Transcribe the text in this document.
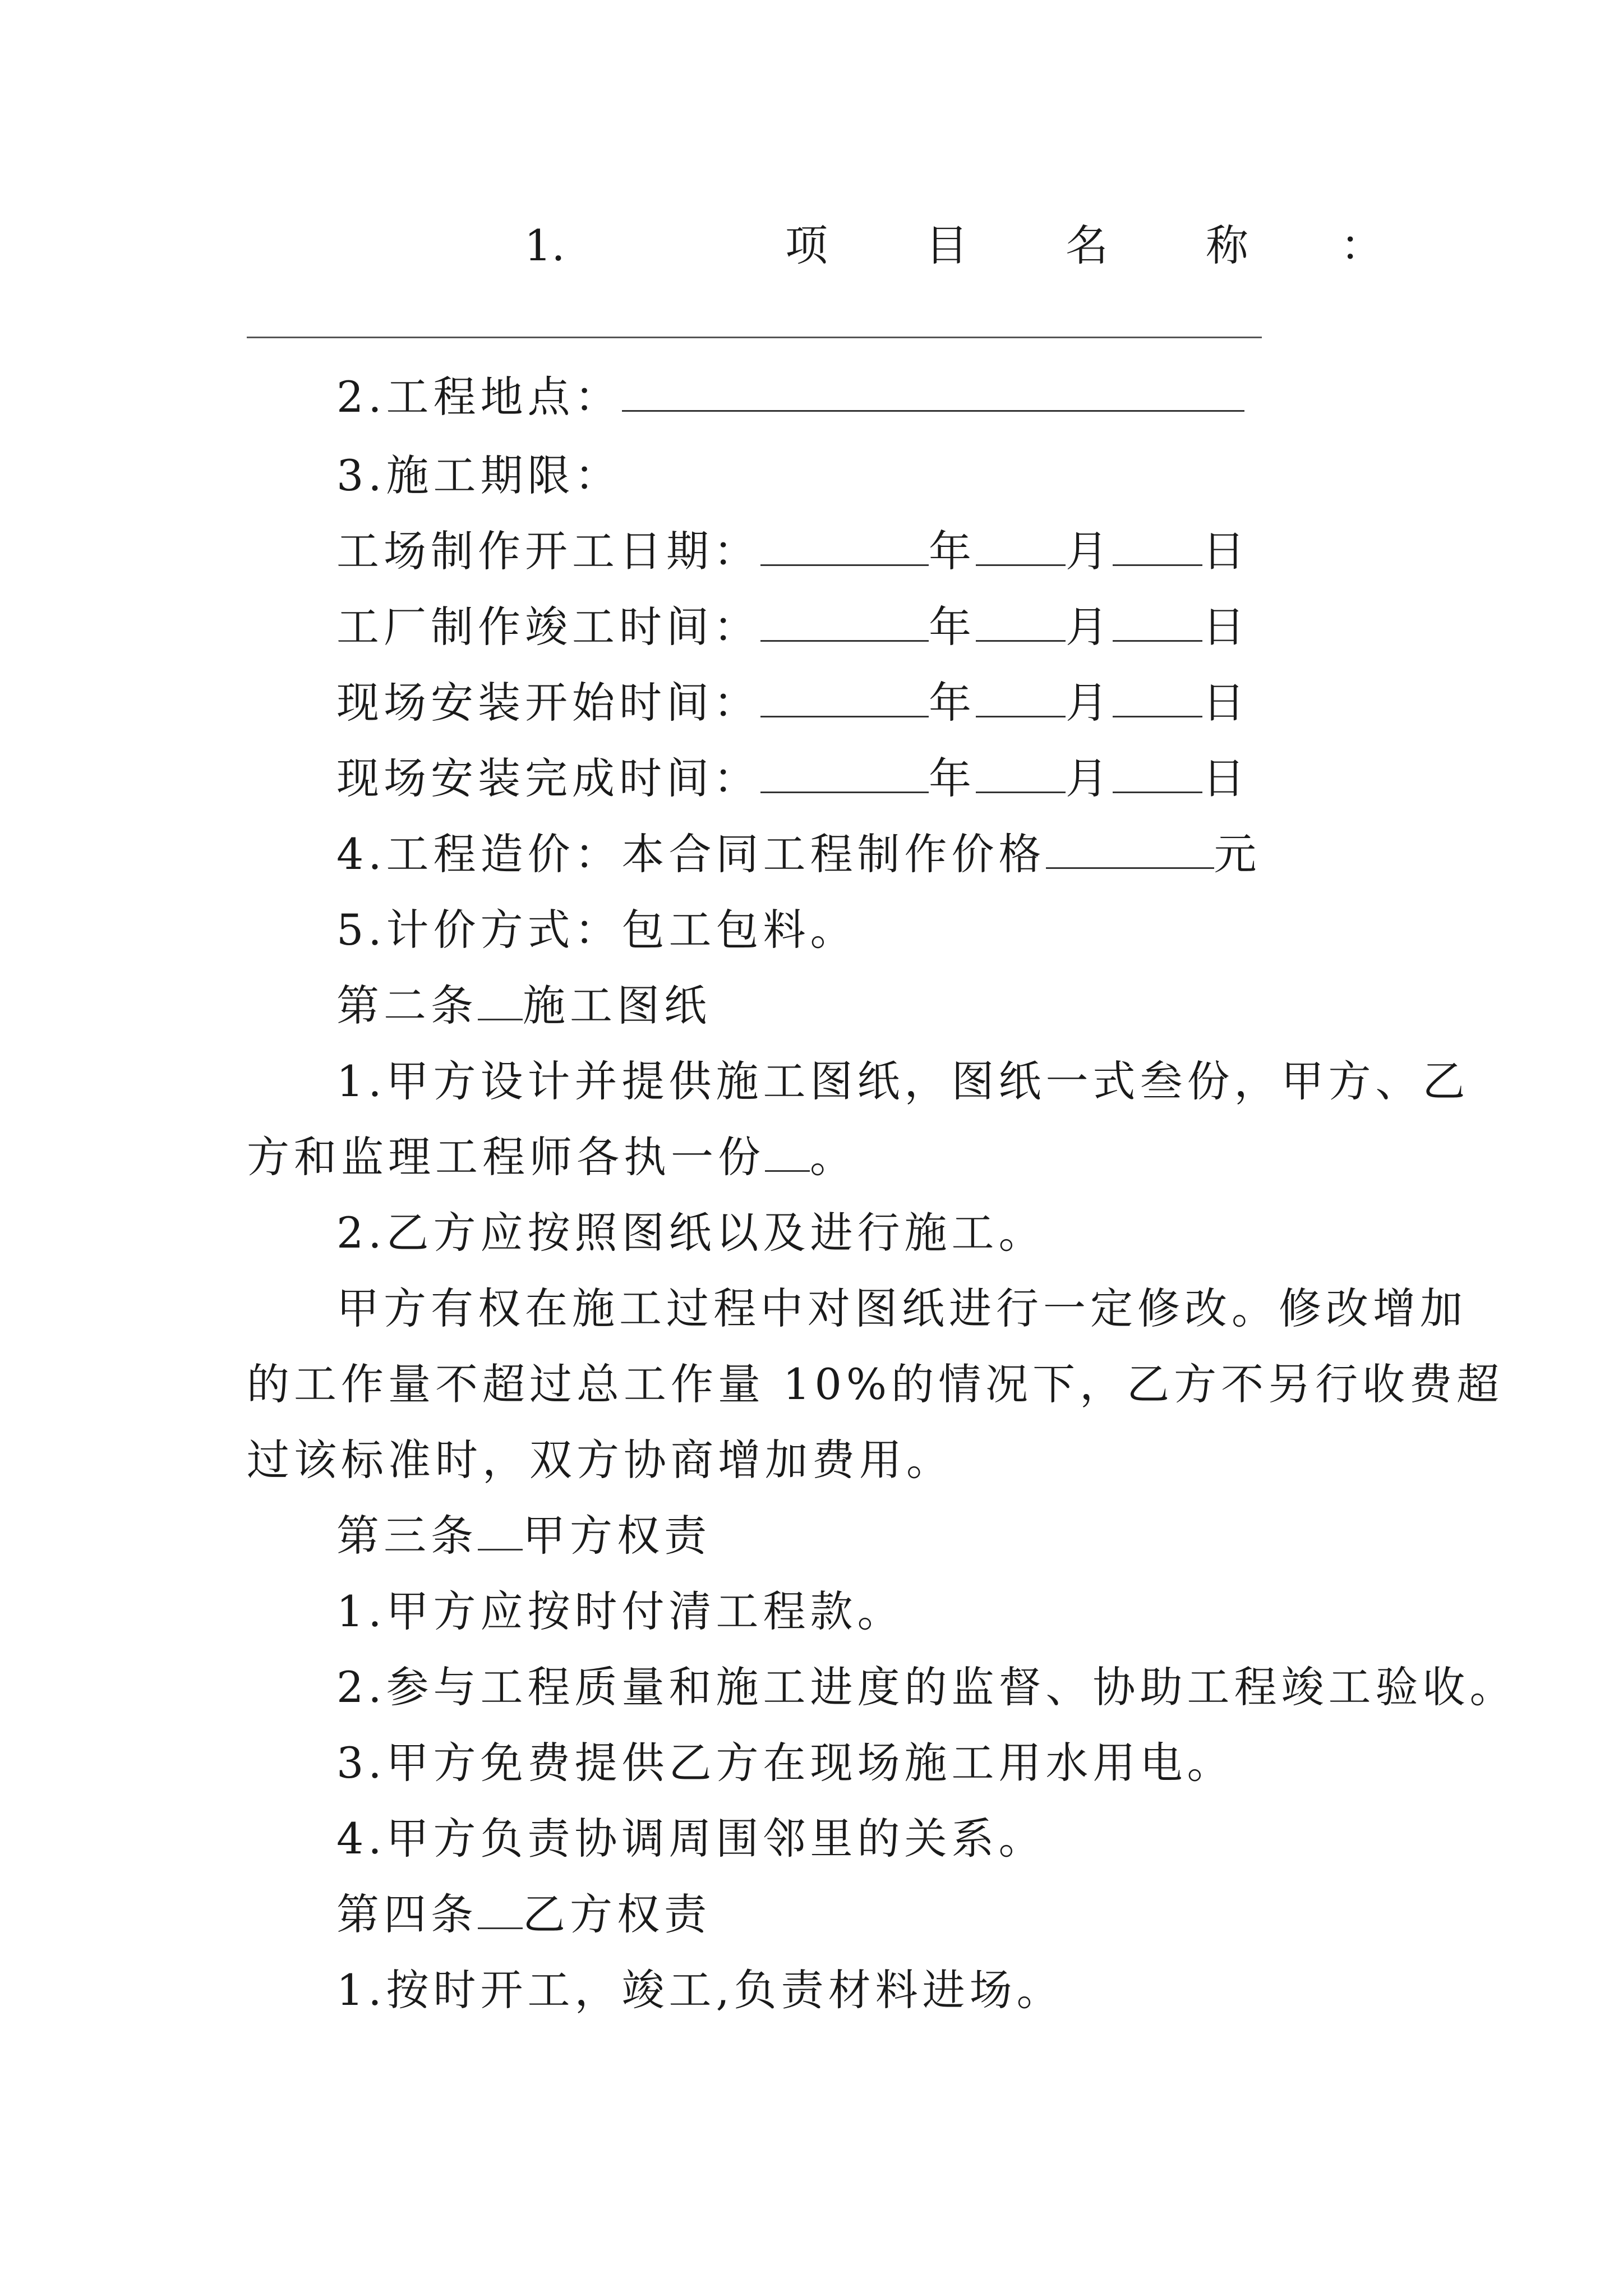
1.	项 目 名 称 ：
2.工程地点：
3.施工期限：
工场制作开工日期：	年 月 日
工厂制作竣工时间：	年 月 日
现场安装开始时间：	年 月 日
现场安装完成时间：	年 月 日
4.工程造价：本合同工程制作价格	元
5.计价方式：包工包料。
第二条 施工图纸
1.甲方设计并提供施工图纸，图纸一式叁份，甲方、乙
方和监理工程师各执一份 。
2.乙方应按照图纸以及进行施工。
甲方有权在施工过程中对图纸进行一定修改。修改增加
的工作量不超过总工作量 10%的情况下，乙方不另行收费超
过该标准时，双方协商增加费用。
第三条 甲方权责
1.甲方应按时付清工程款。
2.参与工程质量和施工进度的监督、协助工程竣工验收。
3.甲方免费提供乙方在现场施工用水用电。
4.甲方负责协调周围邻里的关系。
第四条 乙方权责
1.按时开工，竣工,负责材料进场。
